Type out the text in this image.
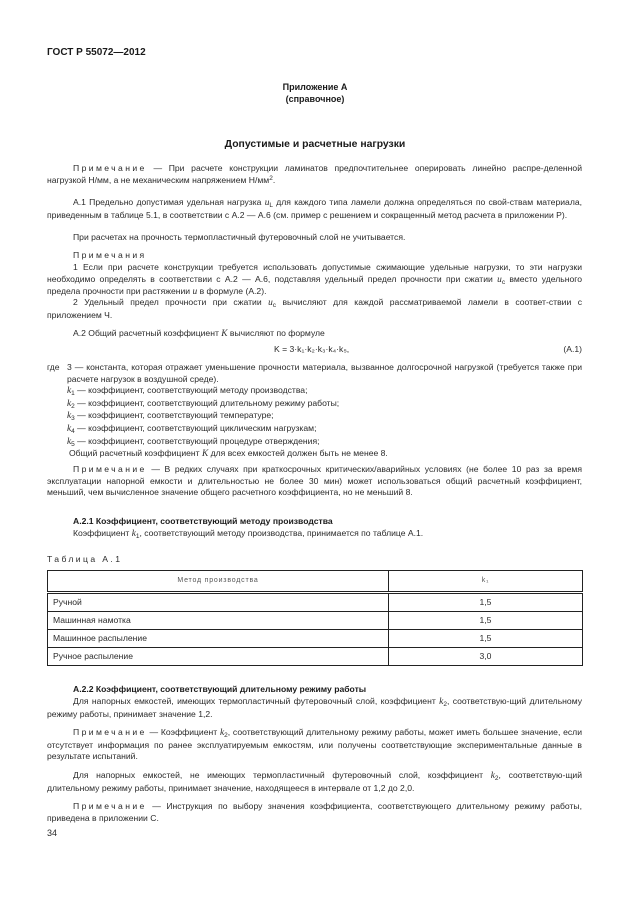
ГОСТ Р 55072—2012
Приложение А
(справочное)
Допустимые и расчетные нагрузки
Примечание — При расчете конструкции ламинатов предпочтительнее оперировать линейно распре-деленной нагрузкой Н/мм, а не механическим напряжением $Н/мм^2$.
А.1 Предельно допустимая удельная нагрузка $u_L$ для каждого типа ламели должна определяться по свой-ствам материала, приведенным в таблице 5.1, в соответствии с А.2 — А.6 (см. пример с решением и сокращенный метод расчета в приложении Р).
При расчетах на прочность термопластичный футеровочный слой не учитывается.
Примечания
1 Если при расчете конструкции требуется использовать допустимые сжимающие удельные нагрузки, то эти нагрузки необходимо определять в соответствии с А.2 — А.6, подставляя удельный предел прочности при сжатии $u_c$ вместо удельного предела прочности при растяжении u в формуле (А.2).
2 Удельный предел прочности при сжатии $u_c$ вычисляют для каждой рассматриваемой ламели в соответ-ствии с приложением Ч.
А.2 Общий расчетный коэффициент K вычисляют по формуле
K = 3·k₁·k₂·k₃·k₄·k₅,	(А.1)
где 3 — константа, которая отражает уменьшение прочности материала, вызванное долгосрочной нагрузкой (требуется также при расчете нагрузок в воздушной среде).
$k_1$ — коэффициент, соответствующий методу производства;
$k_2$ — коэффициент, соответствующий длительному режиму работы;
$k_3$ — коэффициент, соответствующий температуре;
$k_4$ — коэффициент, соответствующий циклическим нагрузкам;
$k_5$ — коэффициент, соответствующий процедуре отверждения;
Общий расчетный коэффициент K для всех емкостей должен быть не менее 8.
Примечание — В редких случаях при краткосрочных критических/аварийных условиях (не более 10 раз за время эксплуатации напорной емкости и длительностью не более 30 мин) может использоваться общий расчетный коэффициент, меньший, чем вычисленное значение общего расчетного коэффициента, но не меньший 8.
А.2.1 Коэффициент, соответствующий методу производства
Коэффициент $k_1$, соответствующий методу производства, принимается по таблице А.1.
Таблица А.1
Метод производства	k₁
Ручной	1,5
Машинная намотка	1,5
Машинное распыление	1,5
Ручное распыление	3,0
А.2.2 Коэффициент, соответствующий длительному режиму работы
Для напорных емкостей, имеющих термопластичный футеровочный слой, коэффициент $k_2$, соответствую-щий длительному режиму работы, принимает значение 1,2.
Примечание — Коэффициент $k_2$, соответствующий длительному режиму работы, может иметь большее значение, если отсутствует информация по ранее эксплуатируемым емкостям, или получены соответствующие экспериментальные данные в результате испытаний.
Для напорных емкостей, не имеющих термопластичный футеровочный слой, коэффициент $k_2$, соответствую-щий длительному режиму работы, принимает значение, находящееся в интервале от 1,2 до 2,0.
Примечание — Инструкция по выбору значения коэффициента, соответствующего длительному режиму работы, приведена в приложении С.
34
